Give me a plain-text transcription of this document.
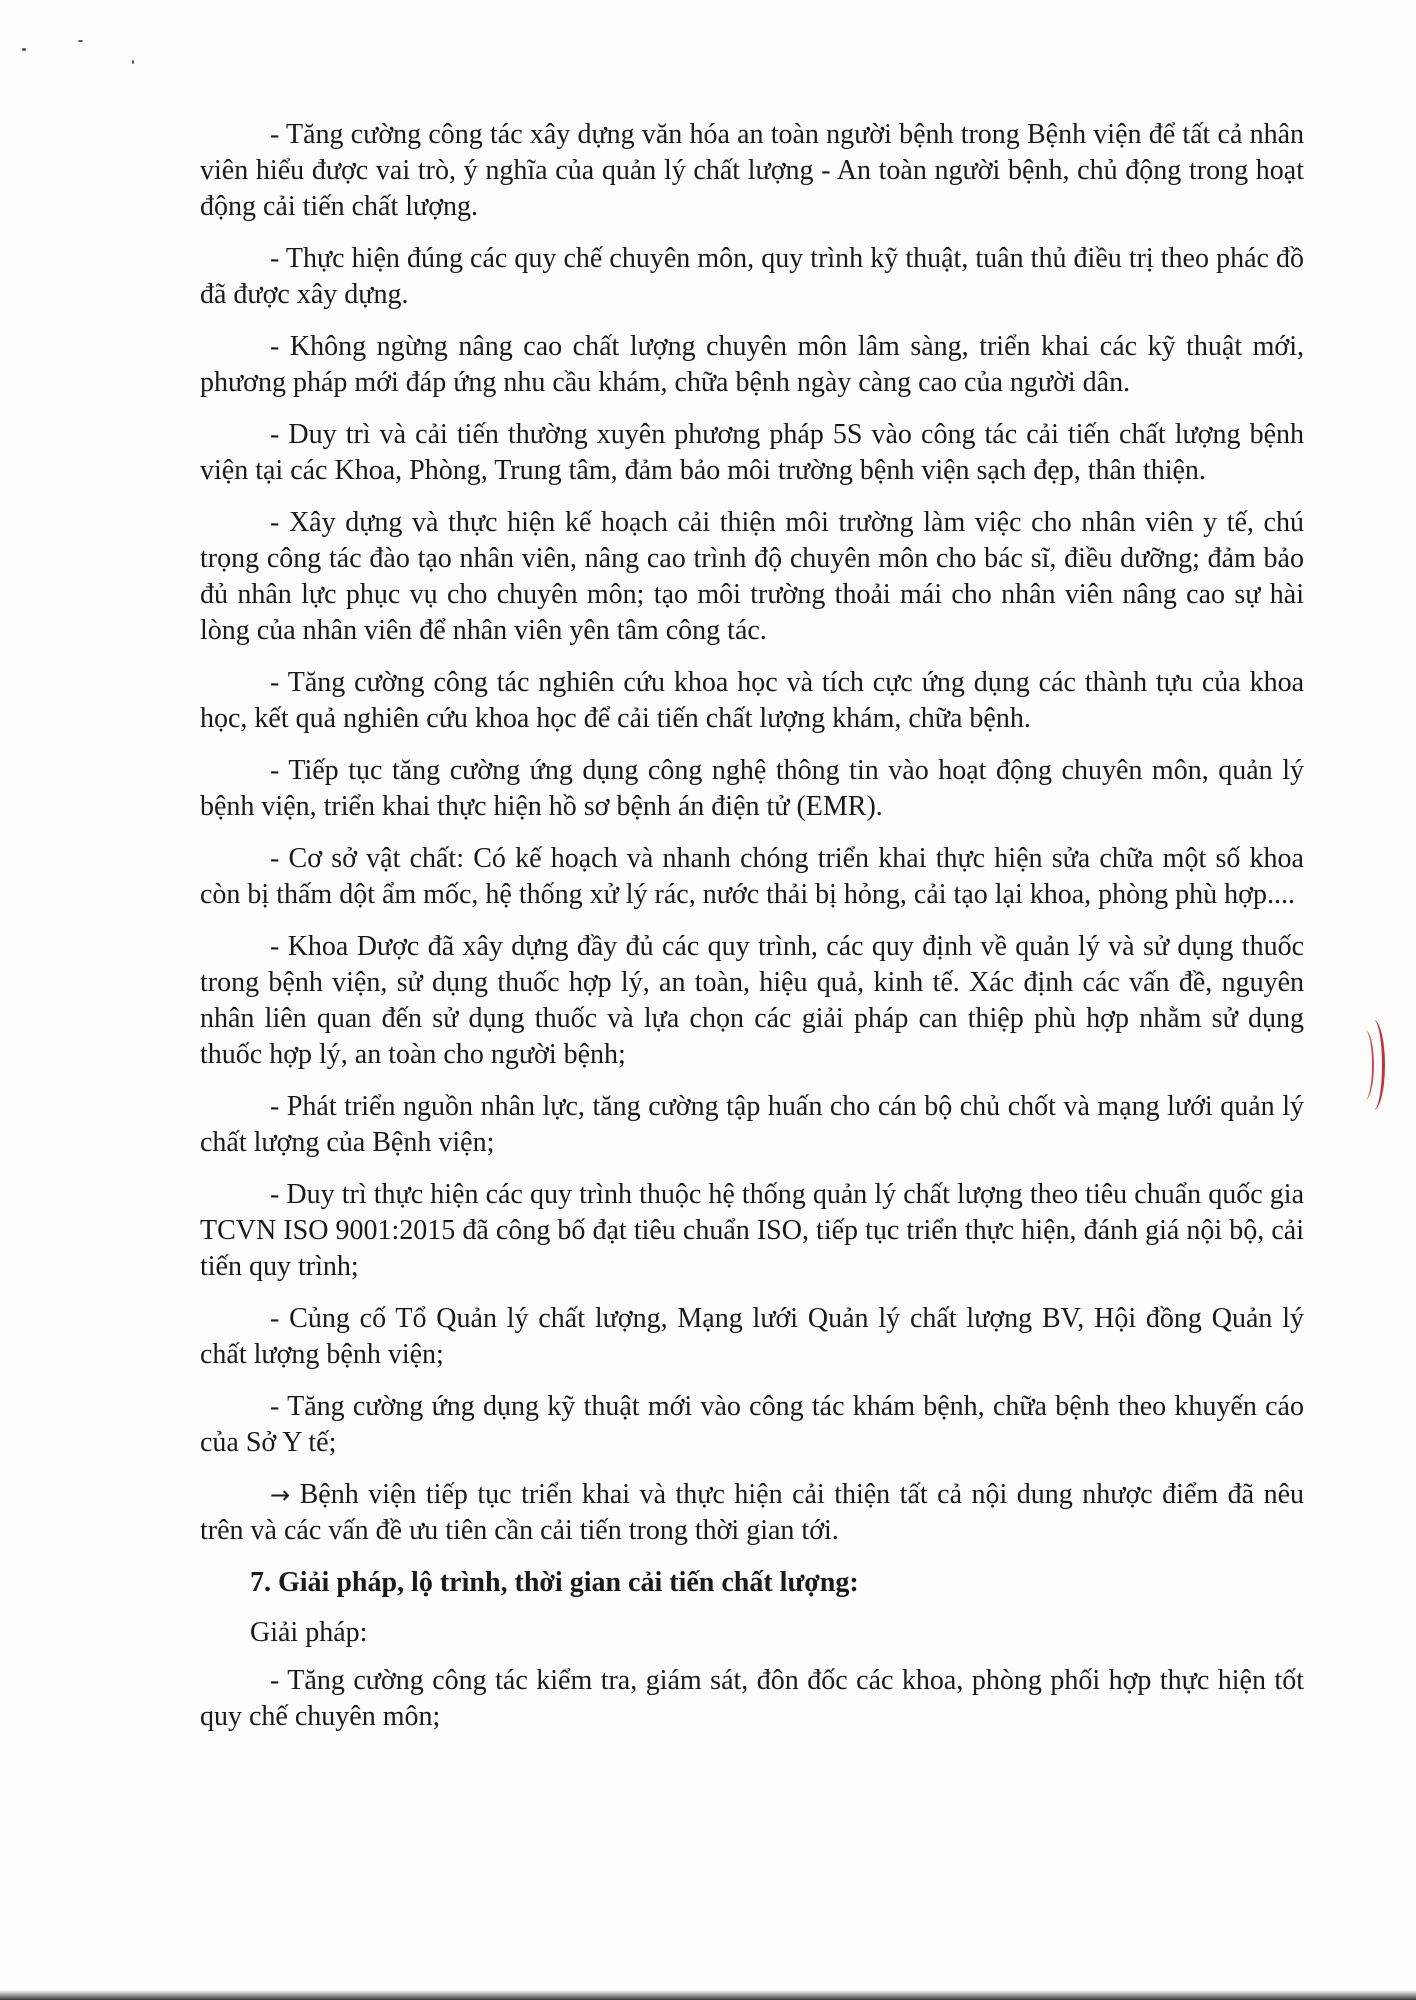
- Tăng cường công tác xây dựng văn hóa an toàn người bệnh trong Bệnh viện để tất cả nhân viên hiểu được vai trò, ý nghĩa của quản lý chất lượng - An toàn người bệnh, chủ động trong hoạt động cải tiến chất lượng.

- Thực hiện đúng các quy chế chuyên môn, quy trình kỹ thuật, tuân thủ điều trị theo phác đồ đã được xây dựng.

- Không ngừng nâng cao chất lượng chuyên môn lâm sàng, triển khai các kỹ thuật mới, phương pháp mới đáp ứng nhu cầu khám, chữa bệnh ngày càng cao của người dân.

- Duy trì và cải tiến thường xuyên phương pháp 5S vào công tác cải tiến chất lượng bệnh viện tại các Khoa, Phòng, Trung tâm, đảm bảo môi trường bệnh viện sạch đẹp, thân thiện.

- Xây dựng và thực hiện kế hoạch cải thiện môi trường làm việc cho nhân viên y tế, chú trọng công tác đào tạo nhân viên, nâng cao trình độ chuyên môn cho bác sĩ, điều dưỡng; đảm bảo đủ nhân lực phục vụ cho chuyên môn; tạo môi trường thoải mái cho nhân viên nâng cao sự hài lòng của nhân viên để nhân viên yên tâm công tác.

- Tăng cường công tác nghiên cứu khoa học và tích cực ứng dụng các thành tựu của khoa học, kết quả nghiên cứu khoa học để cải tiến chất lượng khám, chữa bệnh.

- Tiếp tục tăng cường ứng dụng công nghệ thông tin vào hoạt động chuyên môn, quản lý bệnh viện, triển khai thực hiện hồ sơ bệnh án điện tử (EMR).

- Cơ sở vật chất: Có kế hoạch và nhanh chóng triển khai thực hiện sửa chữa một số khoa còn bị thấm dột ẩm mốc, hệ thống xử lý rác, nước thải bị hỏng, cải tạo lại khoa, phòng phù hợp....

- Khoa Dược đã xây dựng đầy đủ các quy trình, các quy định về quản lý và sử dụng thuốc trong bệnh viện, sử dụng thuốc hợp lý, an toàn, hiệu quả, kinh tế. Xác định các vấn đề, nguyên nhân liên quan đến sử dụng thuốc và lựa chọn các giải pháp can thiệp phù hợp nhằm sử dụng thuốc hợp lý, an toàn cho người bệnh;

- Phát triển nguồn nhân lực, tăng cường tập huấn cho cán bộ chủ chốt và mạng lưới quản lý chất lượng của Bệnh viện;

- Duy trì thực hiện các quy trình thuộc hệ thống quản lý chất lượng theo tiêu chuẩn quốc gia TCVN ISO 9001:2015 đã công bố đạt tiêu chuẩn ISO, tiếp tục triển thực hiện, đánh giá nội bộ, cải tiến quy trình;

- Củng cố Tổ Quản lý chất lượng, Mạng lưới Quản lý chất lượng BV, Hội đồng Quản lý chất lượng bệnh viện;

- Tăng cường ứng dụng kỹ thuật mới vào công tác khám bệnh, chữa bệnh theo khuyến cáo của Sở Y tế;

→ Bệnh viện tiếp tục triển khai và thực hiện cải thiện tất cả nội dung nhược điểm đã nêu trên và các vấn đề ưu tiên cần cải tiến trong thời gian tới.

7. Giải pháp, lộ trình, thời gian cải tiến chất lượng:

Giải pháp:

- Tăng cường công tác kiểm tra, giám sát, đôn đốc các khoa, phòng phối hợp thực hiện tốt quy chế chuyên môn;
